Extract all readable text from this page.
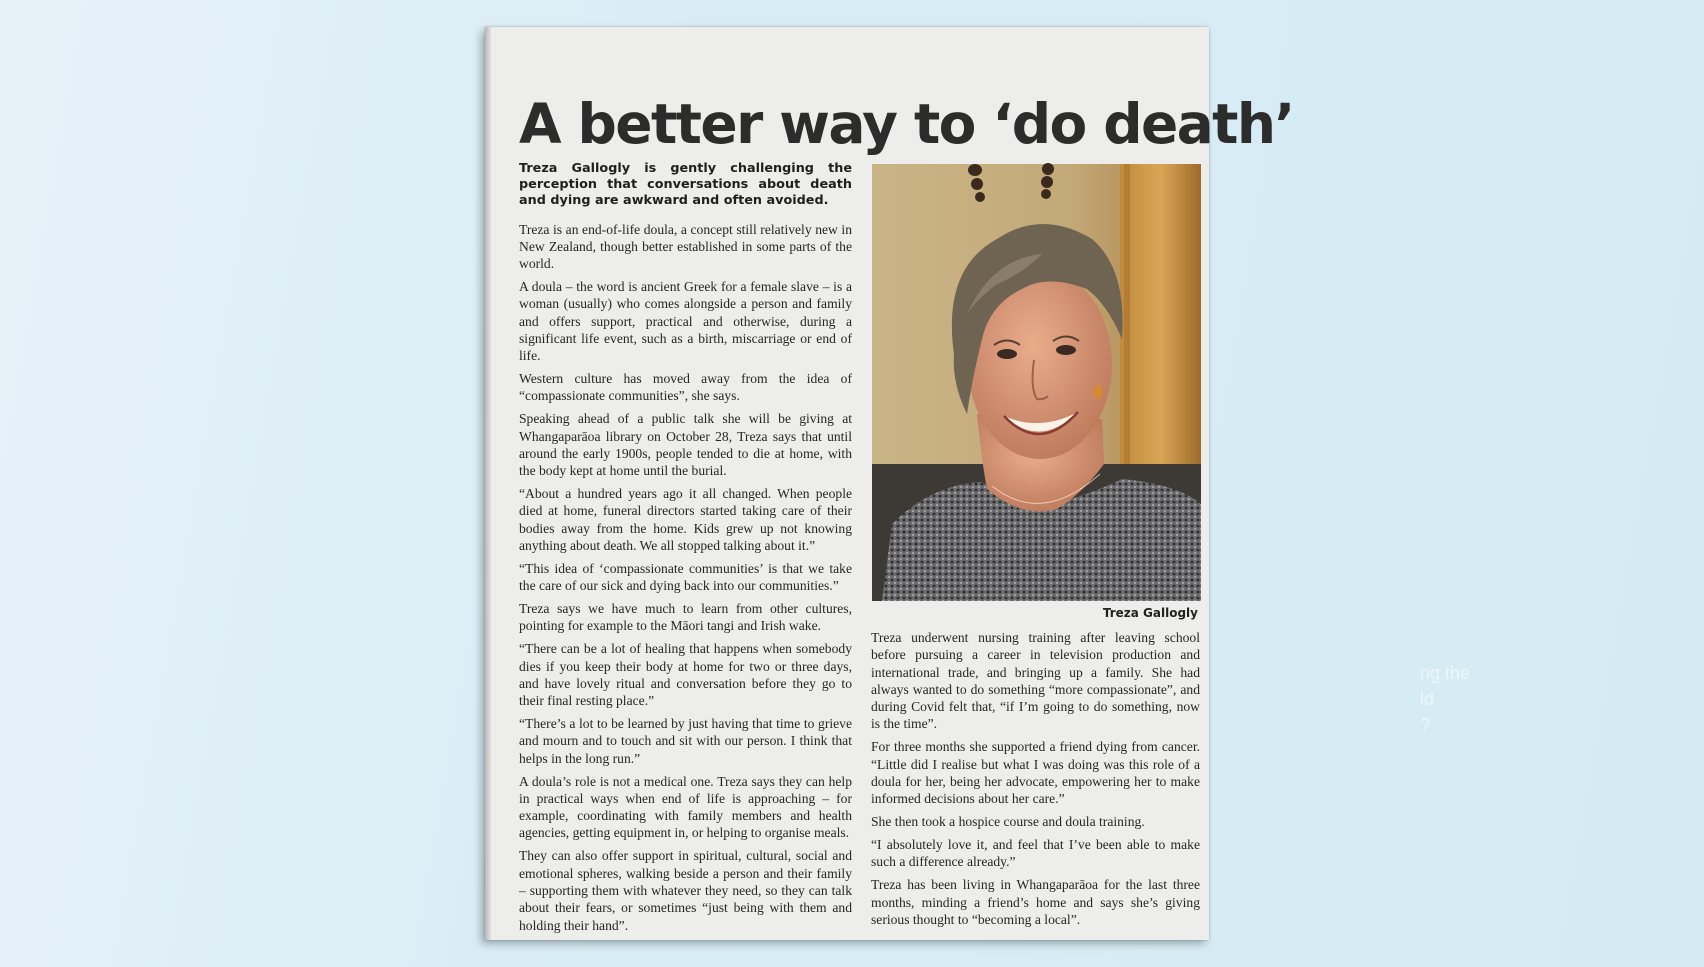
ng the
ld
?
A better way to ‘do death’

Treza Gallogly is gently challenging the perception that conversations about death and dying are awkward and often avoided.

Treza is an end-of-life doula, a concept still relatively new in New Zealand, though better established in some parts of the world.

A doula – the word is ancient Greek for a female slave – is a woman (usually) who comes alongside a person and family and offers support, practical and otherwise, during a significant life event, such as a birth, miscarriage or end of life.

Western culture has moved away from the idea of “compassionate communities”, she says.

Speaking ahead of a public talk she will be giving at Whangaparāoa library on October 28, Treza says that until around the early 1900s, people tended to die at home, with the body kept at home until the burial.

“About a hundred years ago it all changed. When people died at home, funeral directors started taking care of their bodies away from the home. Kids grew up not knowing anything about death. We all stopped talking about it.”

“This idea of ‘compassionate communities’ is that we take the care of our sick and dying back into our communities.”

Treza says we have much to learn from other cultures, pointing for example to the Māori tangi and Irish wake.

“There can be a lot of healing that happens when somebody dies if you keep their body at home for two or three days, and have lovely ritual and conversation before they go to their final resting place.”

“There’s a lot to be learned by just having that time to grieve and mourn and to touch and sit with our person. I think that helps in the long run.”

A doula’s role is not a medical one. Treza says they can help in practical ways when end of life is approaching – for example, coordinating with family members and health agencies, getting equipment in, or helping to organise meals.

They can also offer support in spiritual, cultural, social and emotional spheres, walking beside a person and their family – supporting them with whatever they need, so they can talk about their fears, or sometimes “just being with them and holding their hand”.

Treza Gallogly

Treza underwent nursing training after leaving school before pursuing a career in television production and international trade, and bringing up a family. She had always wanted to do something “more compassionate”, and during Covid felt that, “if I’m going to do something, now is the time”.

For three months she supported a friend dying from cancer. “Little did I realise but what I was doing was this role of a doula for her, being her advocate, empowering her to make informed decisions about her care.”

She then took a hospice course and doula training.

“I absolutely love it, and feel that I’ve been able to make such a difference already.”

Treza has been living in Whangaparāoa for the last three months, minding a friend’s home and says she’s giving serious thought to “becoming a local”.
